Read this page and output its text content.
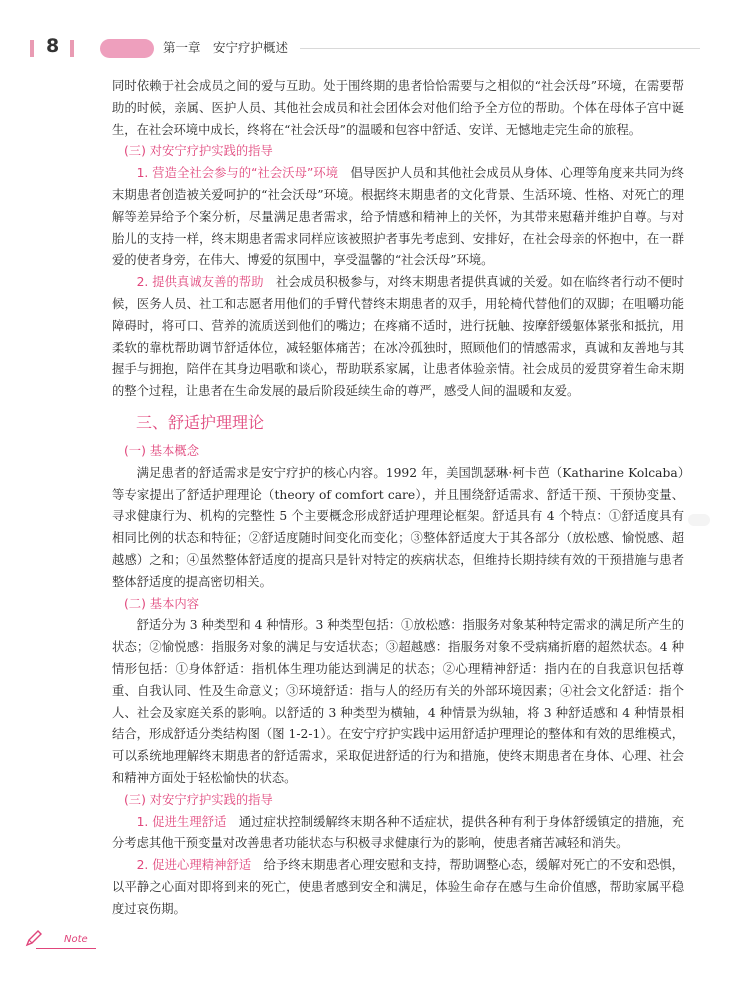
8	第一章　安宁疗护概述

同时依赖于社会成员之间的爱与互助。处于围终期的患者恰恰需要与之相似的“社会沃母”环境，在需要帮助的时候，亲属、医护人员、其他社会成员和社会团体会对他们给予全方位的帮助。个体在母体子宫中诞生，在社会环境中成长，终将在“社会沃母”的温暖和包容中舒适、安详、无憾地走完生命的旅程。

(三) 对安宁疗护实践的指导

1. 营造全社会参与的“社会沃母”环境　 倡导医护人员和其他社会成员从身体、心理等角度来共同为终末期患者创造被关爱呵护的“社会沃母”环境。根据终末期患者的文化背景、生活环境、性格、对死亡的理解等差异给予个案分析，尽量满足患者需求，给予情感和精神上的关怀，为其带来慰藉并维护自尊。与对胎儿的支持一样，终末期患者需求同样应该被照护者事先考虑到、安排好，在社会母亲的怀抱中，在一群爱的使者身旁，在伟大、博爱的氛围中，享受温馨的“社会沃母”环境。

2. 提供真诚友善的帮助　 社会成员积极参与，对终末期患者提供真诚的关爱。如在临终者行动不便时候，医务人员、社工和志愿者用他们的手臂代替终末期患者的双手，用轮椅代替他们的双脚；在咀嚼功能障碍时，将可口、营养的流质送到他们的嘴边；在疼痛不适时，进行抚触、按摩舒缓躯体紧张和抵抗，用柔软的靠枕帮助调节舒适体位，减轻躯体痛苦；在冰冷孤独时，照顾他们的情感需求，真诚和友善地与其握手与拥抱，陪伴在其身边唱歌和谈心，帮助联系家属，让患者体验亲情。社会成员的爱贯穿着生命末期的整个过程，让患者在生命发展的最后阶段延续生命的尊严，感受人间的温暖和友爱。

三、舒适护理理论

(一) 基本概念

满足患者的舒适需求是安宁疗护的核心内容。1992 年，美国凯瑟琳·柯卡芭（Katharine Kolcaba）等专家提出了舒适护理理论（theory of comfort care），并且围绕舒适需求、舒适干预、干预协变量、寻求健康行为、机构的完整性 5 个主要概念形成舒适护理理论框架。舒适具有 4 个特点：①舒适度具有相同比例的状态和特征；②舒适度随时间变化而变化；③整体舒适度大于其各部分（放松感、愉悦感、超越感）之和；④虽然整体舒适度的提高只是针对特定的疾病状态，但维持长期持续有效的干预措施与患者整体舒适度的提高密切相关。

(二) 基本内容

舒适分为 3 种类型和 4 种情形。3 种类型包括：①放松感：指服务对象某种特定需求的满足所产生的状态；②愉悦感：指服务对象的满足与安适状态；③超越感：指服务对象不受病痛折磨的超然状态。4 种情形包括：①身体舒适：指机体生理功能达到满足的状态；②心理精神舒适：指内在的自我意识包括尊重、自我认同、性及生命意义；③环境舒适：指与人的经历有关的外部环境因素；④社会文化舒适：指个人、社会及家庭关系的影响。以舒适的 3 种类型为横轴，4 种情景为纵轴，将 3 种舒适感和 4 种情景相结合，形成舒适分类结构图（图 1-2-1）。在安宁疗护实践中运用舒适护理理论的整体和有效的思维模式，可以系统地理解终末期患者的舒适需求，采取促进舒适的行为和措施，使终末期患者在身体、心理、社会和精神方面处于轻松愉快的状态。

(三) 对安宁疗护实践的指导

1. 促进生理舒适　 通过症状控制缓解终末期各种不适症状，提供各种有利于身体舒缓镇定的措施，充分考虑其他干预变量对改善患者功能状态与积极寻求健康行为的影响，使患者痛苦减轻和消失。

2. 促进心理精神舒适　 给予终末期患者心理安慰和支持，帮助调整心态，缓解对死亡的不安和恐惧，以平静之心面对即将到来的死亡，使患者感到安全和满足，体验生命存在感与生命价值感，帮助家属平稳度过哀伤期。

Note
